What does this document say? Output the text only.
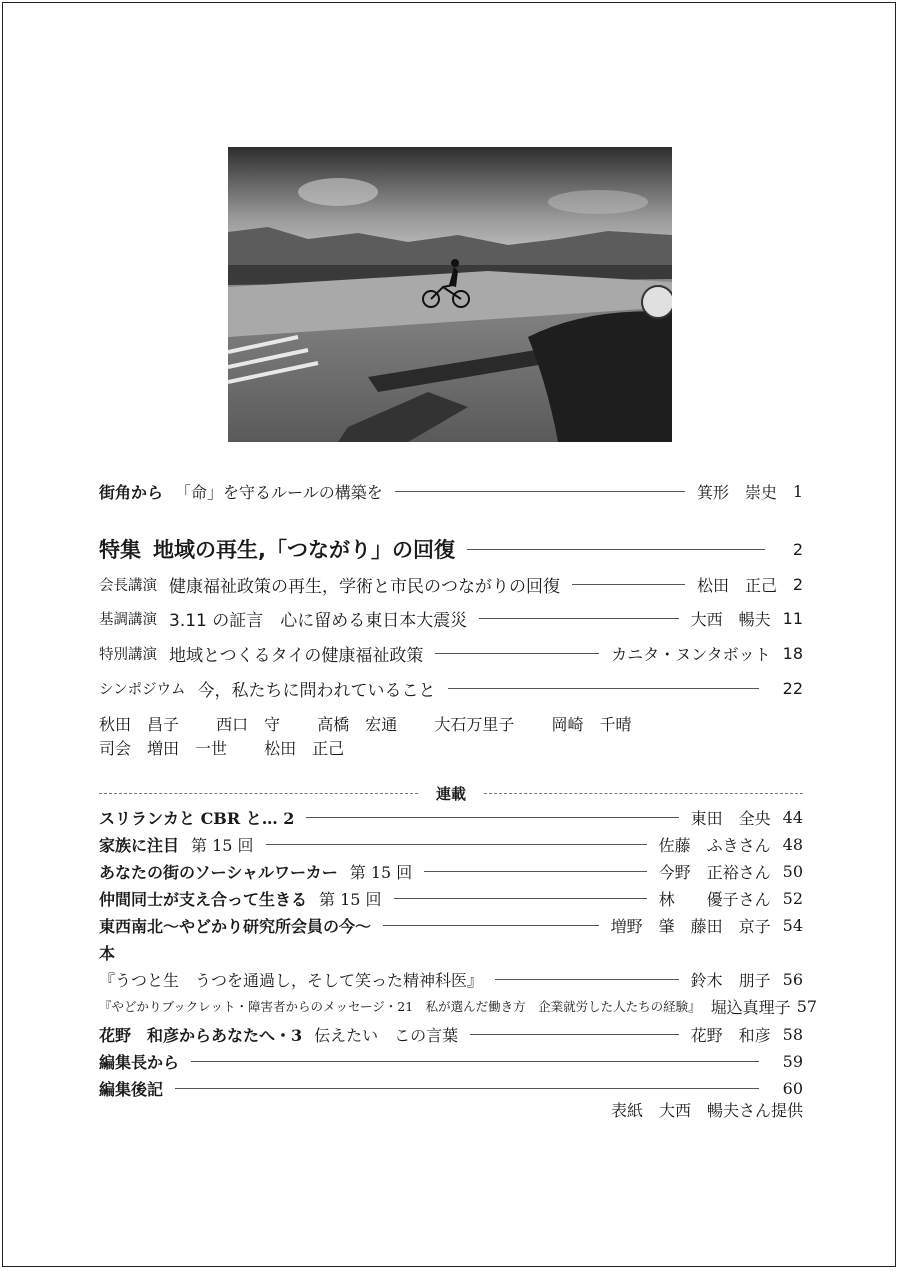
街角から 「命」を守るルールの構築を	箕形　崇史 1
特集 地域の再生,「つながり」の回復	2
会長講演 健康福祉政策の再生，学術と市民のつながりの回復	松田　正己 2
基調講演 3.11 の証言　心に留める東日本大震災	大西　暢夫 11
特別講演 地域とつくるタイの健康福祉政策	カニタ・ヌンタボット 18
シンポジウム 今，私たちに問われていること	22
秋田　昌子 西口　守 高橋　宏通 大石万里子 岡崎　千晴
司会　増田　一世 松田　正己
連載
スリランカと CBR と… 2	東田　全央 44
家族に注目 第 15 回	佐藤　ふきさん 48
あなたの街のソーシャルワーカー 第 15 回	今野　正裕さん 50
仲間同士が支え合って生きる 第 15 回	林　　優子さん 52
東西南北〜やどかり研究所会員の今〜	増野　肇　藤田　京子 54
本
『うつと生　うつを通過し，そして笑った精神科医』	鈴木　朋子 56
『やどかりブックレット・障害者からのメッセージ・21　私が選んだ働き方　企業就労した人たちの経験』 堀込真理子 57
花野　和彦からあなたへ・3 伝えたい　この言葉	花野　和彦 58
編集長から	59
編集後記	60
表紙　大西　暢夫さん提供
